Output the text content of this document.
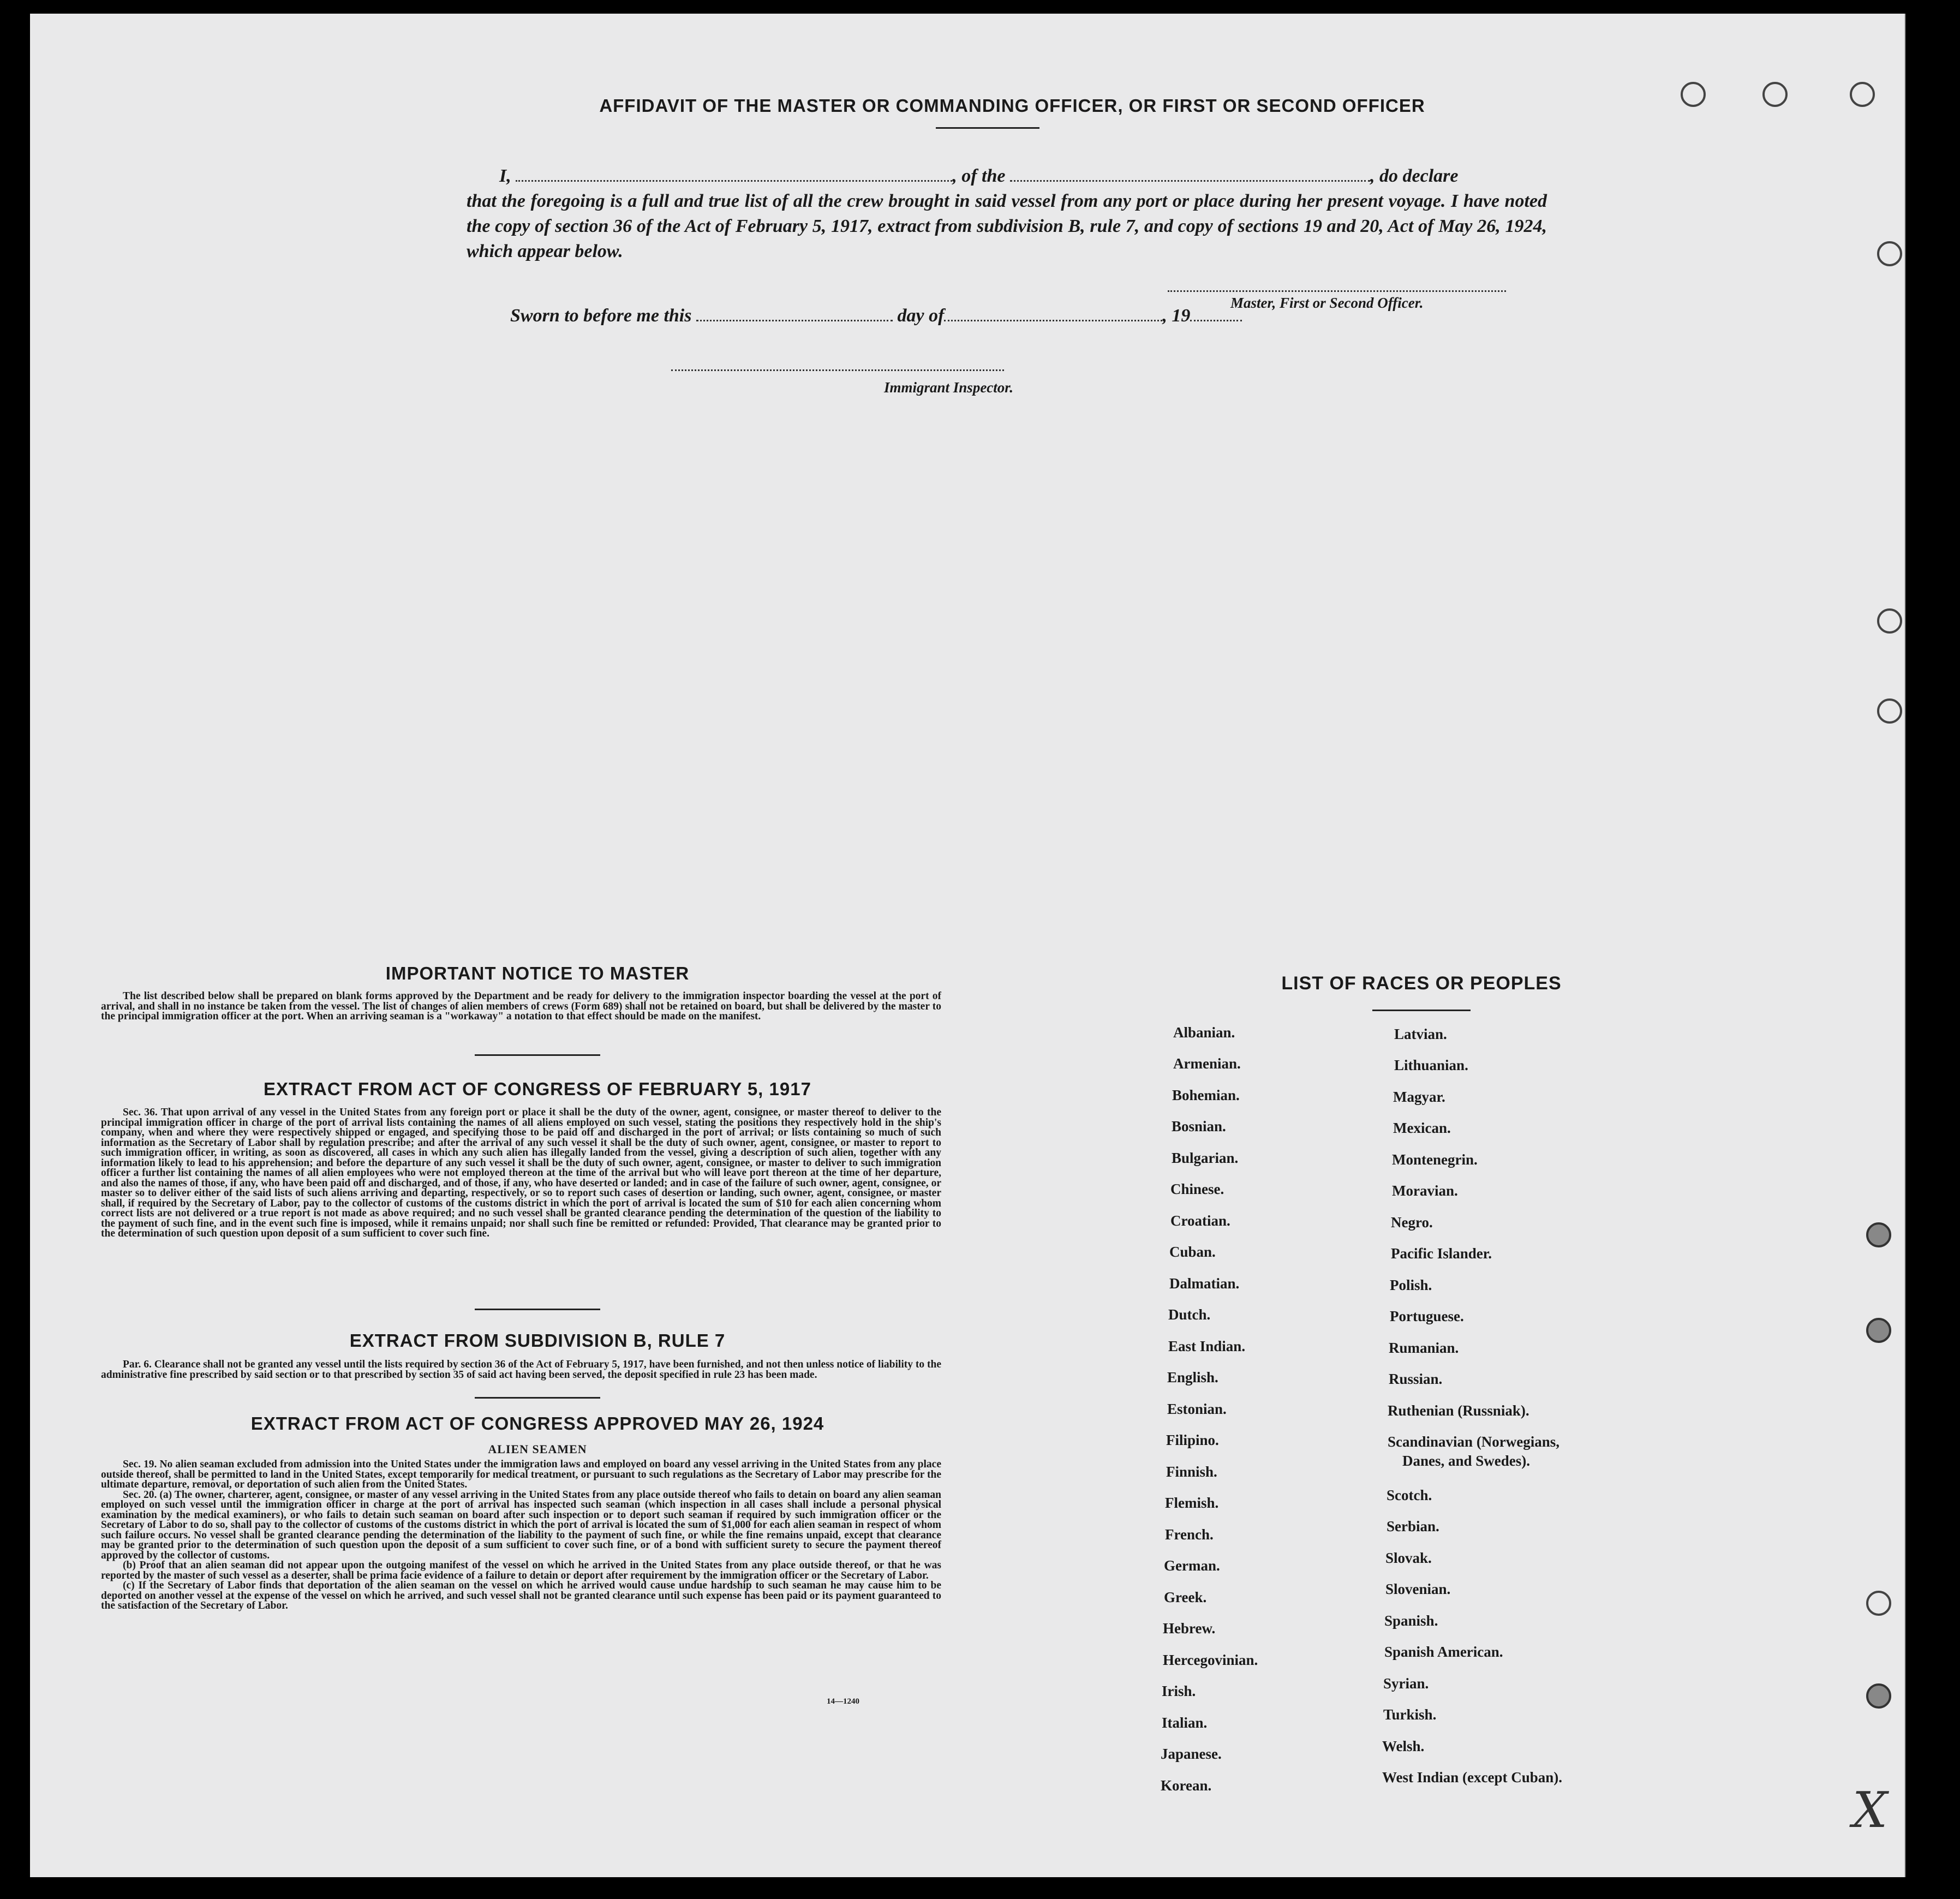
AFFIDAVIT OF THE MASTER OR COMMANDING OFFICER, OR FIRST OR SECOND OFFICER

I,	, of the	, do declare

that the foregoing is a full and true list of all the crew brought in said vessel from any port or place during her present voyage. I have noted the copy of section 36 of the Act of February 5, 1917, extract from subdivision B, rule 7, and copy of sections 19 and 20, Act of May 26, 1924, which appear below.

Master, First or Second Officer.
Sworn to before me this	day of	, 19
Immigrant Inspector.
IMPORTANT NOTICE TO MASTER

The list described below shall be prepared on blank forms approved by the Department and be ready for delivery to the immigration inspector boarding the vessel at the port of arrival, and shall in no instance be taken from the vessel. The list of changes of alien members of crews (Form 689) shall not be retained on board, but shall be delivered by the master to the principal immigration officer at the port. When an arriving seaman is a "workaway" a notation to that effect should be made on the manifest.

EXTRACT FROM ACT OF CONGRESS OF FEBRUARY 5, 1917

Sec. 36. That upon arrival of any vessel in the United States from any foreign port or place it shall be the duty of the owner, agent, consignee, or master thereof to deliver to the principal immigration officer in charge of the port of arrival lists containing the names of all aliens employed on such vessel, stating the positions they respectively hold in the ship's company, when and where they were respectively shipped or engaged, and specifying those to be paid off and discharged in the port of arrival; or lists containing so much of such information as the Secretary of Labor shall by regulation prescribe; and after the arrival of any such vessel it shall be the duty of such owner, agent, consignee, or master to report to such immigration officer, in writing, as soon as discovered, all cases in which any such alien has illegally landed from the vessel, giving a description of such alien, together with any information likely to lead to his apprehension; and before the departure of any such vessel it shall be the duty of such owner, agent, consignee, or master to deliver to such immigration officer a further list containing the names of all alien employees who were not employed thereon at the time of the arrival but who will leave port thereon at the time of her departure, and also the names of those, if any, who have been paid off and discharged, and of those, if any, who have deserted or landed; and in case of the failure of such owner, agent, consignee, or master so to deliver either of the said lists of such aliens arriving and departing, respectively, or so to report such cases of desertion or landing, such owner, agent, consignee, or master shall, if required by the Secretary of Labor, pay to the collector of customs of the customs district in which the port of arrival is located the sum of $10 for each alien concerning whom correct lists are not delivered or a true report is not made as above required; and no such vessel shall be granted clearance pending the determination of the question of the liability to the payment of such fine, and in the event such fine is imposed, while it remains unpaid; nor shall such fine be remitted or refunded: Provided, That clearance may be granted prior to the determination of such question upon deposit of a sum sufficient to cover such fine.

EXTRACT FROM SUBDIVISION B, RULE 7

Par. 6. Clearance shall not be granted any vessel until the lists required by section 36 of the Act of February 5, 1917, have been furnished, and not then unless notice of liability to the administrative fine prescribed by said section or to that prescribed by section 35 of said act having been served, the deposit specified in rule 23 has been made.

EXTRACT FROM ACT OF CONGRESS APPROVED MAY 26, 1924
ALIEN SEAMEN

Sec. 19. No alien seaman excluded from admission into the United States under the immigration laws and employed on board any vessel arriving in the United States from any place outside thereof, shall be permitted to land in the United States, except temporarily for medical treatment, or pursuant to such regulations as the Secretary of Labor may prescribe for the ultimate departure, removal, or deportation of such alien from the United States.

Sec. 20. (a) The owner, charterer, agent, consignee, or master of any vessel arriving in the United States from any place outside thereof who fails to detain on board any alien seaman employed on such vessel until the immigration officer in charge at the port of arrival has inspected such seaman (which inspection in all cases shall include a personal physical examination by the medical examiners), or who fails to detain such seaman on board after such inspection or to deport such seaman if required by such immigration officer or the Secretary of Labor to do so, shall pay to the collector of customs of the customs district in which the port of arrival is located the sum of $1,000 for each alien seaman in respect of whom such failure occurs. No vessel shall be granted clearance pending the determination of the liability to the payment of such fine, or while the fine remains unpaid, except that clearance may be granted prior to the determination of such question upon the deposit of a sum sufficient to cover such fine, or of a bond with sufficient surety to secure the payment thereof approved by the collector of customs.

(b) Proof that an alien seaman did not appear upon the outgoing manifest of the vessel on which he arrived in the United States from any place outside thereof, or that he was reported by the master of such vessel as a deserter, shall be prima facie evidence of a failure to detain or deport after requirement by the immigration officer or the Secretary of Labor.

(c) If the Secretary of Labor finds that deportation of the alien seaman on the vessel on which he arrived would cause undue hardship to such seaman he may cause him to be deported on another vessel at the expense of the vessel on which he arrived, and such vessel shall not be granted clearance until such expense has been paid or its payment guaranteed to the satisfaction of the Secretary of Labor.

14—1240
LIST OF RACES OR PEOPLES
Albanian.
Armenian.
Bohemian.
Bosnian.
Bulgarian.
Chinese.
Croatian.
Cuban.
Dalmatian.
Dutch.
East Indian.
English.
Estonian.
Filipino.
Finnish.
Flemish.
French.
German.
Greek.
Hebrew.
Hercegovinian.
Irish.
Italian.
Japanese.
Korean.
Latvian.
Lithuanian.
Magyar.
Mexican.
Montenegrin.
Moravian.
Negro.
Pacific Islander.
Polish.
Portuguese.
Rumanian.
Russian.
Ruthenian (Russniak).
Scandinavian (Norwegians,
Danes, and Swedes).
Scotch.
Serbian.
Slovak.
Slovenian.
Spanish.
Spanish American.
Syrian.
Turkish.
Welsh.
West Indian (except Cuban).
X
